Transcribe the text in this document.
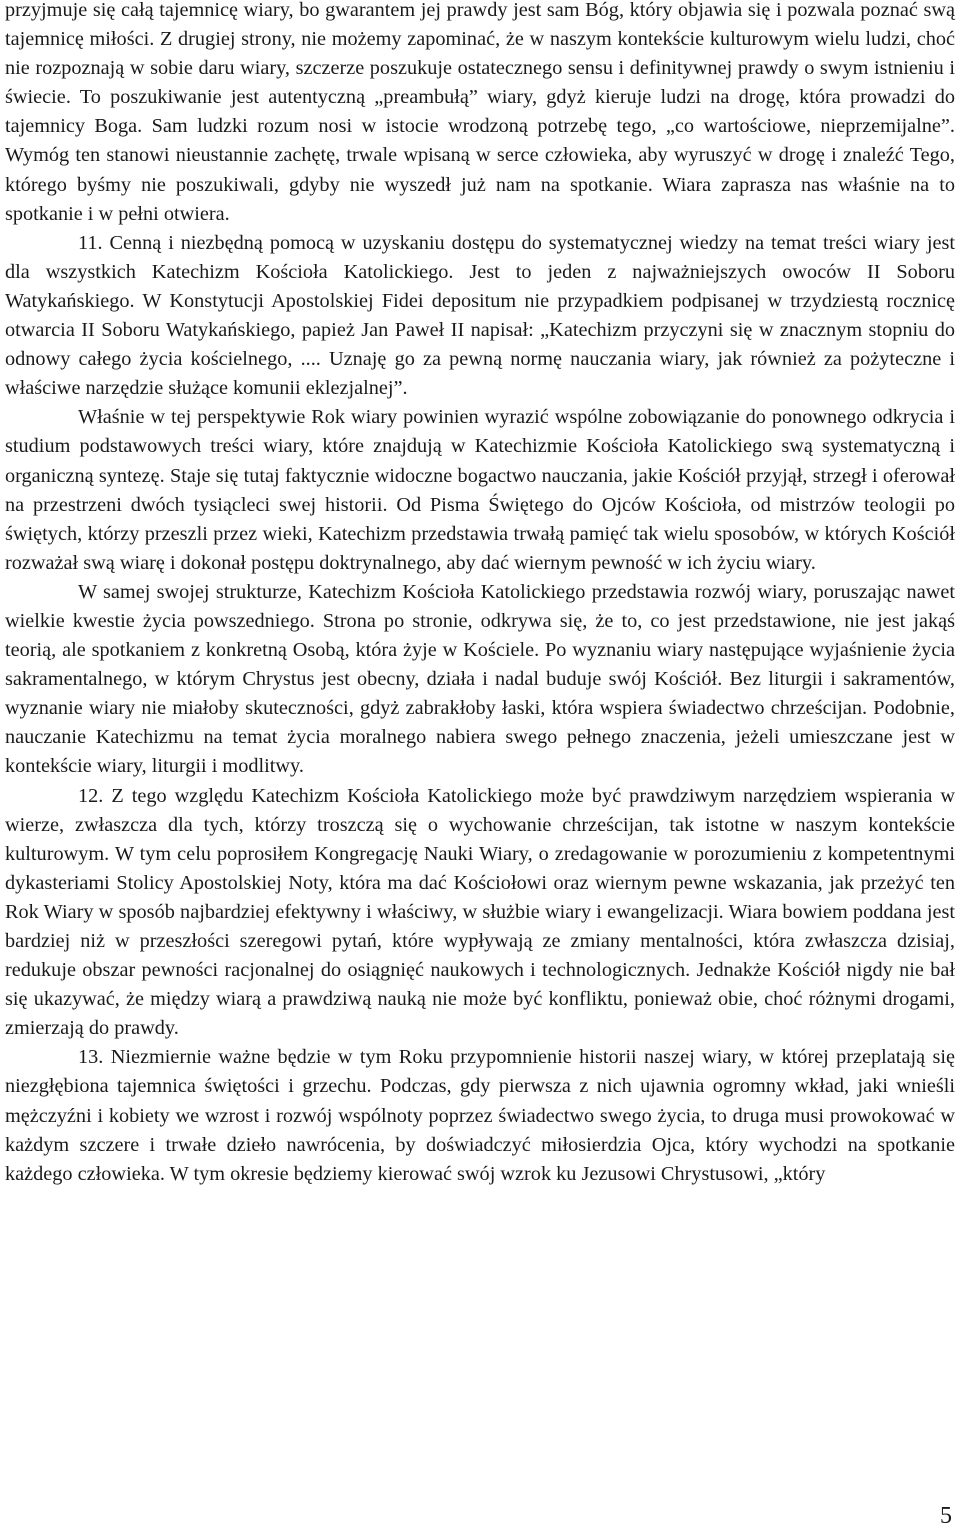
przyjmuje się całą tajemnicę wiary, bo gwarantem jej prawdy jest sam Bóg, który objawia się i pozwala poznać swą tajemnicę miłości. Z drugiej strony, nie możemy zapominać, że w naszym kontekście kulturowym wielu ludzi, choć nie rozpoznają w sobie daru wiary, szczerze poszukuje ostatecznego sensu i definitywnej prawdy o swym istnieniu i świecie. To poszukiwanie jest autentyczną „preambułą” wiary, gdyż kieruje ludzi na drogę, która prowadzi do tajemnicy Boga. Sam ludzki rozum nosi w istocie wrodzoną potrzebę tego, „co wartościowe, nieprzemijalne”. Wymóg ten stanowi nieustannie zachętę, trwale wpisaną w serce człowieka, aby wyruszyć w drogę i znaleźć Tego, którego byśmy nie poszukiwali, gdyby nie wyszedł już nam na spotkanie. Wiara zaprasza nas właśnie na to spotkanie i w pełni otwiera.

11. Cenną i niezbędną pomocą w uzyskaniu dostępu do systematycznej wiedzy na temat treści wiary jest dla wszystkich Katechizm Kościoła Katolickiego. Jest to jeden z najważniejszych owoców II Soboru Watykańskiego. W Konstytucji Apostolskiej Fidei depositum nie przypadkiem podpisanej w trzydziestą rocznicę otwarcia II Soboru Watykańskiego, papież Jan Paweł II napisał: „Katechizm przyczyni się w znacznym stopniu do odnowy całego życia kościelnego, .... Uznaję go za pewną normę nauczania wiary, jak również za pożyteczne i właściwe narzędzie służące komunii eklezjalnej”.

Właśnie w tej perspektywie Rok wiary powinien wyrazić wspólne zobowiązanie do ponownego odkrycia i studium podstawowych treści wiary, które znajdują w Katechizmie Kościoła Katolickiego swą systematyczną i organiczną syntezę. Staje się tutaj faktycznie widoczne bogactwo nauczania, jakie Kościół przyjął, strzegł i oferował na przestrzeni dwóch tysiącleci swej historii. Od Pisma Świętego do Ojców Kościoła, od mistrzów teologii po świętych, którzy przeszli przez wieki, Katechizm przedstawia trwałą pamięć tak wielu sposobów, w których Kościół rozważał swą wiarę i dokonał postępu doktrynalnego, aby dać wiernym pewność w ich życiu wiary.

W samej swojej strukturze, Katechizm Kościoła Katolickiego przedstawia rozwój wiary, poruszając nawet wielkie kwestie życia powszedniego. Strona po stronie, odkrywa się, że to, co jest przedstawione, nie jest jakąś teorią, ale spotkaniem z konkretną Osobą, która żyje w Kościele. Po wyznaniu wiary następujące wyjaśnienie życia sakramentalnego, w którym Chrystus jest obecny, działa i nadal buduje swój Kościół. Bez liturgii i sakramentów, wyznanie wiary nie miałoby skuteczności, gdyż zabrakłoby łaski, która wspiera świadectwo chrześcijan. Podobnie, nauczanie Katechizmu na temat życia moralnego nabiera swego pełnego znaczenia, jeżeli umieszczane jest w kontekście wiary, liturgii i modlitwy.

12. Z tego względu Katechizm Kościoła Katolickiego może być prawdziwym narzędziem wspierania w wierze, zwłaszcza dla tych, którzy troszczą się o wychowanie chrześcijan, tak istotne w naszym kontekście kulturowym. W tym celu poprosiłem Kongregację Nauki Wiary, o zredagowanie w porozumieniu z kompetentnymi dykasteriami Stolicy Apostolskiej Noty, która ma dać Kościołowi oraz wiernym pewne wskazania, jak przeżyć ten Rok Wiary w sposób najbardziej efektywny i właściwy, w służbie wiary i ewangelizacji. Wiara bowiem poddana jest bardziej niż w przeszłości szeregowi pytań, które wypływają ze zmiany mentalności, która zwłaszcza dzisiaj, redukuje obszar pewności racjonalnej do osiągnięć naukowych i technologicznych. Jednakże Kościół nigdy nie bał się ukazywać, że między wiarą a prawdziwą nauką nie może być konfliktu, ponieważ obie, choć różnymi drogami, zmierzają do prawdy.

13. Niezmiernie ważne będzie w tym Roku przypomnienie historii naszej wiary, w której przeplatają się niezgłębiona tajemnica świętości i grzechu. Podczas, gdy pierwsza z nich ujawnia ogromny wkład, jaki wnieśli mężczyźni i kobiety we wzrost i rozwój wspólnoty poprzez świadectwo swego życia, to druga musi prowokować w każdym szczere i trwałe dzieło nawrócenia, by doświadczyć miłosierdzia Ojca, który wychodzi na spotkanie każdego człowieka. W tym okresie będziemy kierować swój wzrok ku Jezusowi Chrystusowi, „który

5
